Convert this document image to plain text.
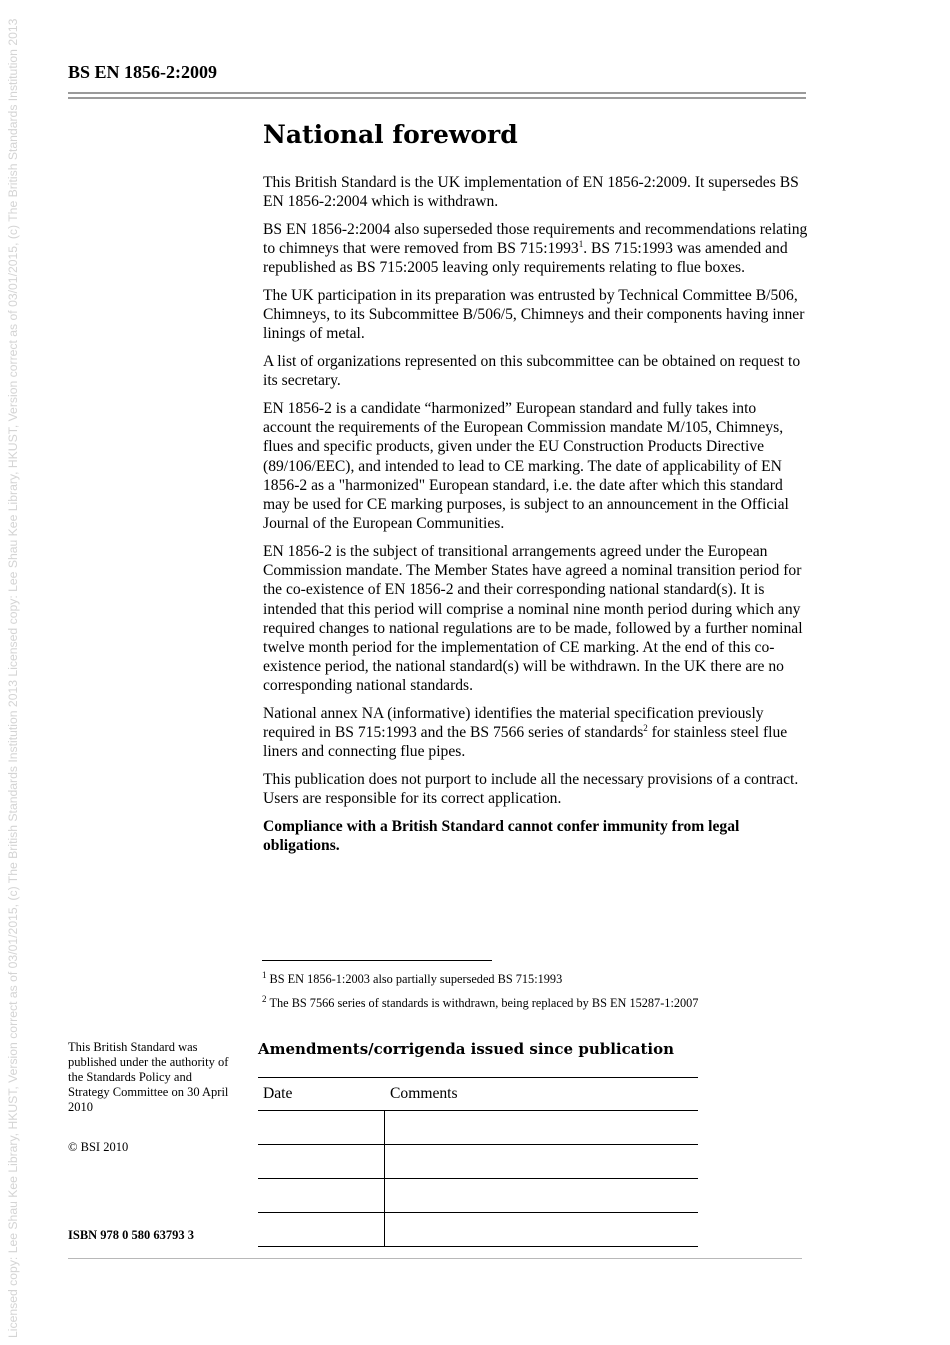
Licensed copy: Lee Shau Kee Library, HKUST, Version correct as of 03/01/2015, (c) The British Standards Institution 2013 Licensed copy: Lee Shau Kee Library, HKUST, Version correct as of 03/01/2015, (c) The British Standards Institution 2013	BS EN 1856-2:2009
National foreword

This British Standard is the UK implementation of EN 1856-2:2009. It supersedes BS EN 1856-2:2004 which is withdrawn.

BS EN 1856-2:2004 also superseded those requirements and recommendations relating to chimneys that were removed from BS 715:1993$^1$. BS 715:1993 was amended and republished as BS 715:2005 leaving only requirements relating to flue boxes.

The UK participation in its preparation was entrusted by Technical Committee B/506, Chimneys, to its Subcommittee B/506/5, Chimneys and their components having inner linings of metal.

A list of organizations represented on this subcommittee can be obtained on request to its secretary.

EN 1856-2 is a candidate “harmonized” European standard and fully takes into account the requirements of the European Commission mandate M/105, Chimneys, flues and specific products, given under the EU Construction Products Directive (89/106/EEC), and intended to lead to CE marking. The date of applicability of EN 1856-2 as a "harmonized" European standard, i.e. the date after which this standard may be used for CE marking purposes, is subject to an announcement in the Official Journal of the European Communities.

EN 1856-2 is the subject of transitional arrangements agreed under the European Commission mandate. The Member States have agreed a nominal transition period for the co-existence of EN 1856-2 and their corresponding national standard(s). It is intended that this period will comprise a nominal nine month period during which any required changes to national regulations are to be made, followed by a further nominal twelve month period for the implementation of CE marking. At the end of this co-existence period, the national standard(s) will be withdrawn. In the UK there are no corresponding national standards.

National annex NA (informative) identifies the material specification previously required in BS 715:1993 and the BS 7566 series of standards$^2$ for stainless steel flue liners and connecting flue pipes.

This publication does not purport to include all the necessary provisions of a contract. Users are responsible for its correct application.

Compliance with a British Standard cannot confer immunity from legal obligations.

$^1$ BS EN 1856-1:2003 also partially superseded BS 715:1993
$^2$ The BS 7566 series of standards is withdrawn, being replaced by BS EN 15287-1:2007
This British Standard was published under the authority of the Standards Policy and Strategy Committee on 30 April 2010
© BSI 2010
ISBN 978 0 580 63793 3
Amendments/corrigenda issued since publication
Date	Comments
